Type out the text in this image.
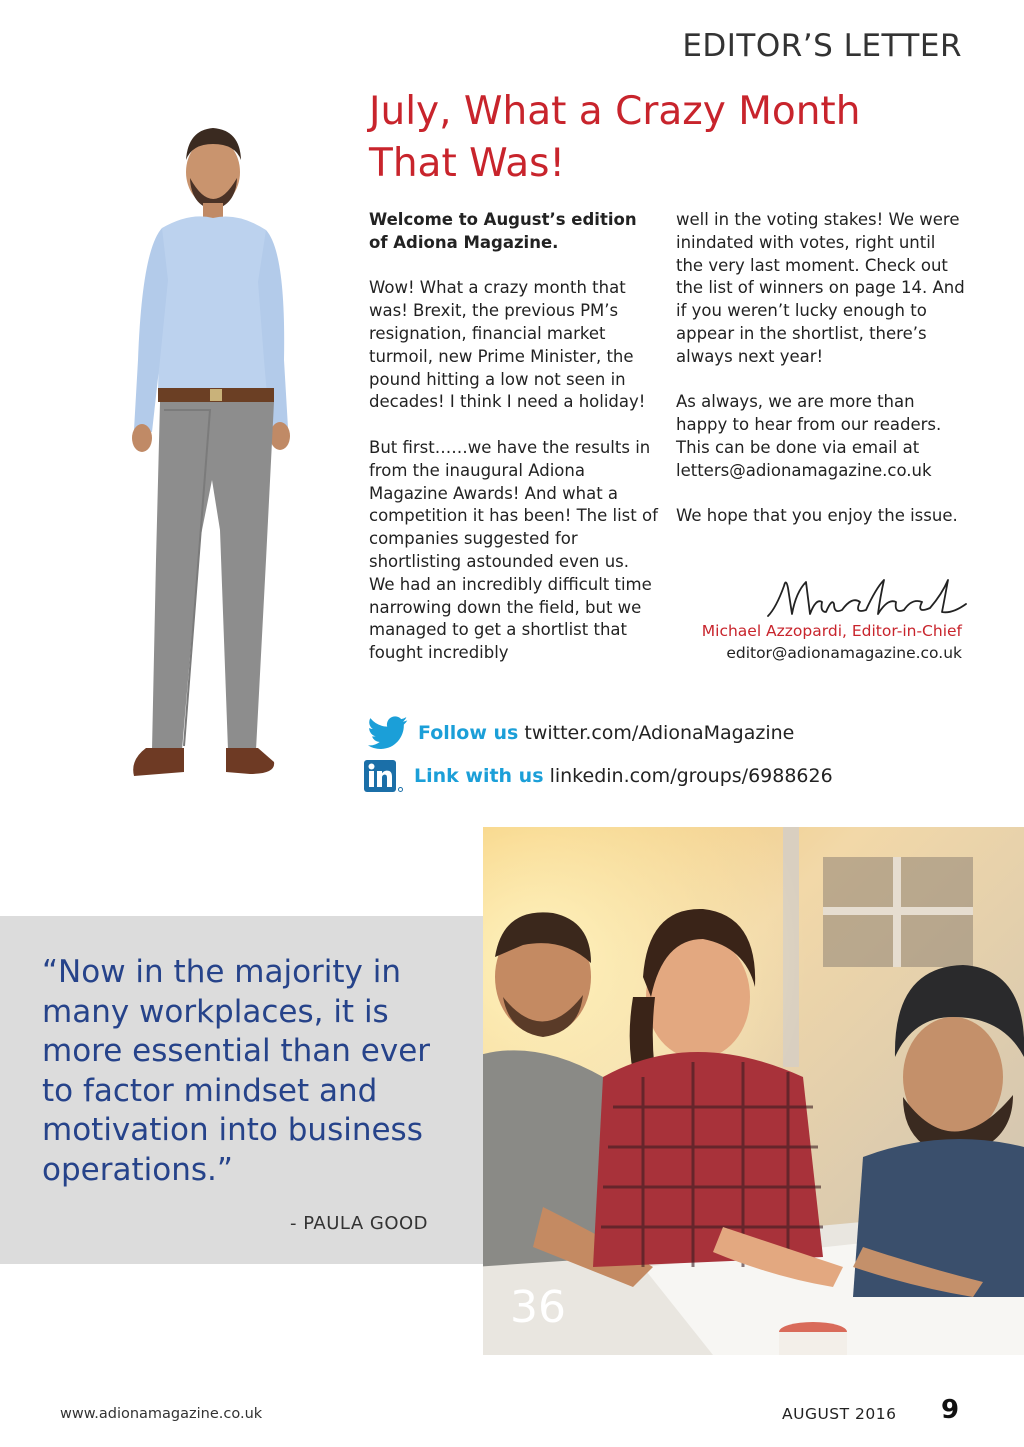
EDITOR’S LETTER
July, What a Crazy Month
That Was!

Welcome to August’s edition of Adiona Magazine.

Wow! What a crazy month that was! Brexit, the previous PM’s resignation, financial market turmoil, new Prime Minister, the pound hitting a low not seen in decades! I think I need a holiday!

But first……we have the results in from the inaugural Adiona Magazine Awards! And what a competition it has been! The list of companies suggested for shortlisting astounded even us. We had an incredibly difficult time narrowing down the field, but we managed to get a shortlist that fought incredibly

well in the voting stakes! We were inindated with votes, right until the very last moment. Check out the list of winners on page 14. And if you weren’t lucky enough to appear in the shortlist, there’s always next year!

As always, we are more than happy to hear from our readers. This can be done via email at letters@adionamagazine.co.uk

We hope that you enjoy the issue.

Michael Azzopardi, Editor-in-Chief
editor@adionamagazine.co.uk
Follow us twitter.com/AdionaMagazine
Link with us linkedin.com/groups/6988626
“Now in the majority in many workplaces, it is more essential than ever to factor mindset and motivation into business operations.”
- PAULA GOOD
36
www.adionamagazine.co.uk	AUGUST 2016 9
